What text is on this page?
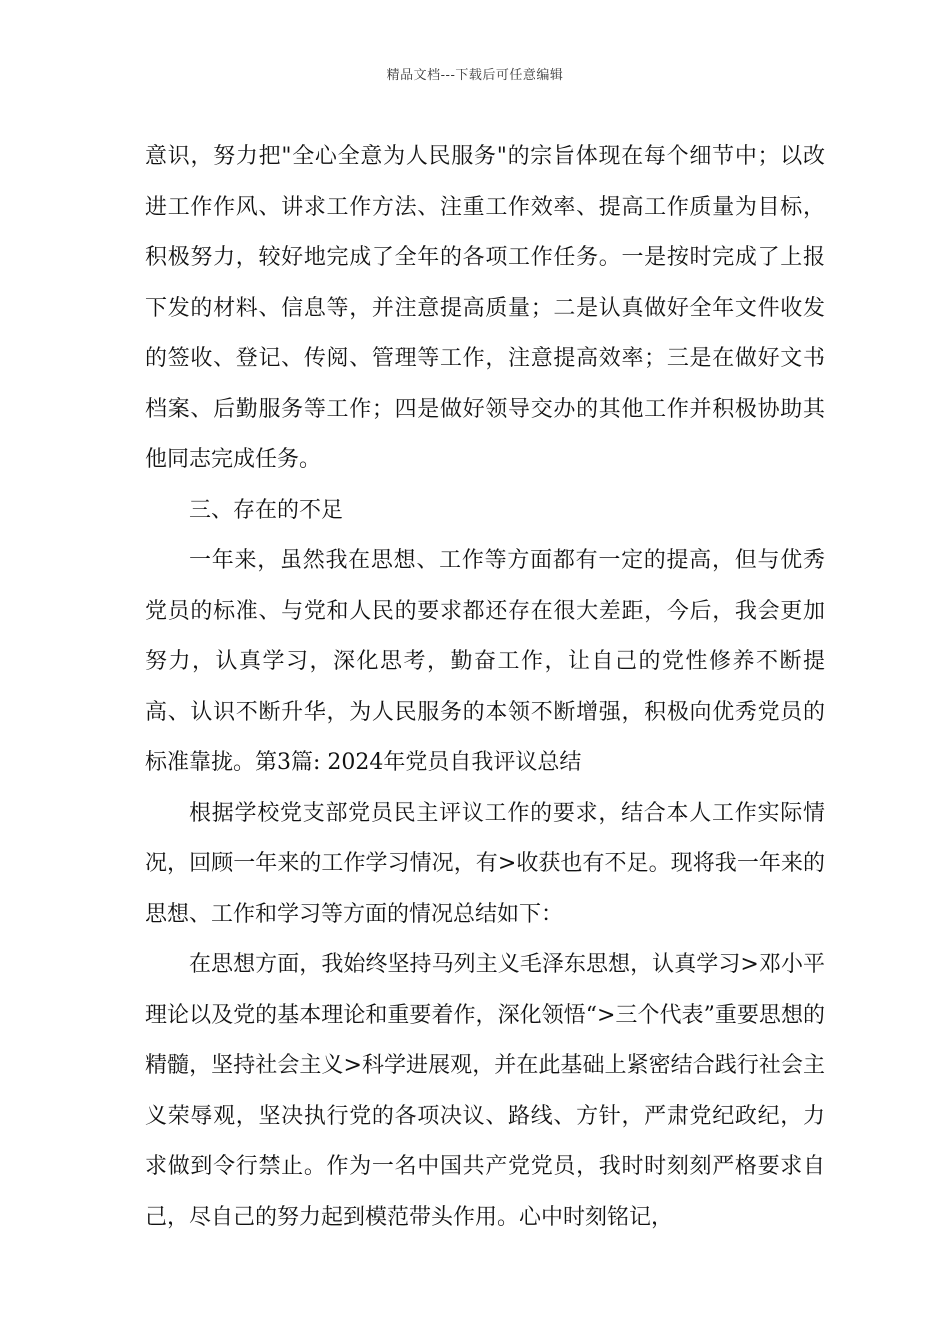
精品文档---下载后可任意编辑

意识，努力把"全心全意为人民服务"的宗旨体现在每个细节中；以改进工作作风、讲求工作方法、注重工作效率、提高工作质量为目标，积极努力，较好地完成了全年的各项工作任务。一是按时完成了上报下发的材料、信息等，并注意提高质量；二是认真做好全年文件收发的签收、登记、传阅、管理等工作，注意提高效率；三是在做好文书档案、后勤服务等工作；四是做好领导交办的其他工作并积极协助其他同志完成任务。

三、存在的不足

一年来，虽然我在思想、工作等方面都有一定的提高，但与优秀党员的标准、与党和人民的要求都还存在很大差距，今后，我会更加努力，认真学习，深化思考，勤奋工作，让自己的党性修养不断提高、认识不断升华，为人民服务的本领不断增强，积极向优秀党员的标准靠拢。第3篇: 2024年党员自我评议总结

根据学校党支部党员民主评议工作的要求，结合本人工作实际情况，回顾一年来的工作学习情况，有>收获也有不足。现将我一年来的思想、工作和学习等方面的情况总结如下：

在思想方面，我始终坚持马列主义毛泽东思想，认真学习>邓小平理论以及党的基本理论和重要着作，深化领悟“>三个代表”重要思想的精髓，坚持社会主义>科学进展观，并在此基础上紧密结合践行社会主义荣辱观，坚决执行党的各项决议、路线、方针，严肃党纪政纪，力求做到令行禁止。作为一名中国共产党党员，我时时刻刻严格要求自己，尽自己的努力起到模范带头作用。心中时刻铭记，
